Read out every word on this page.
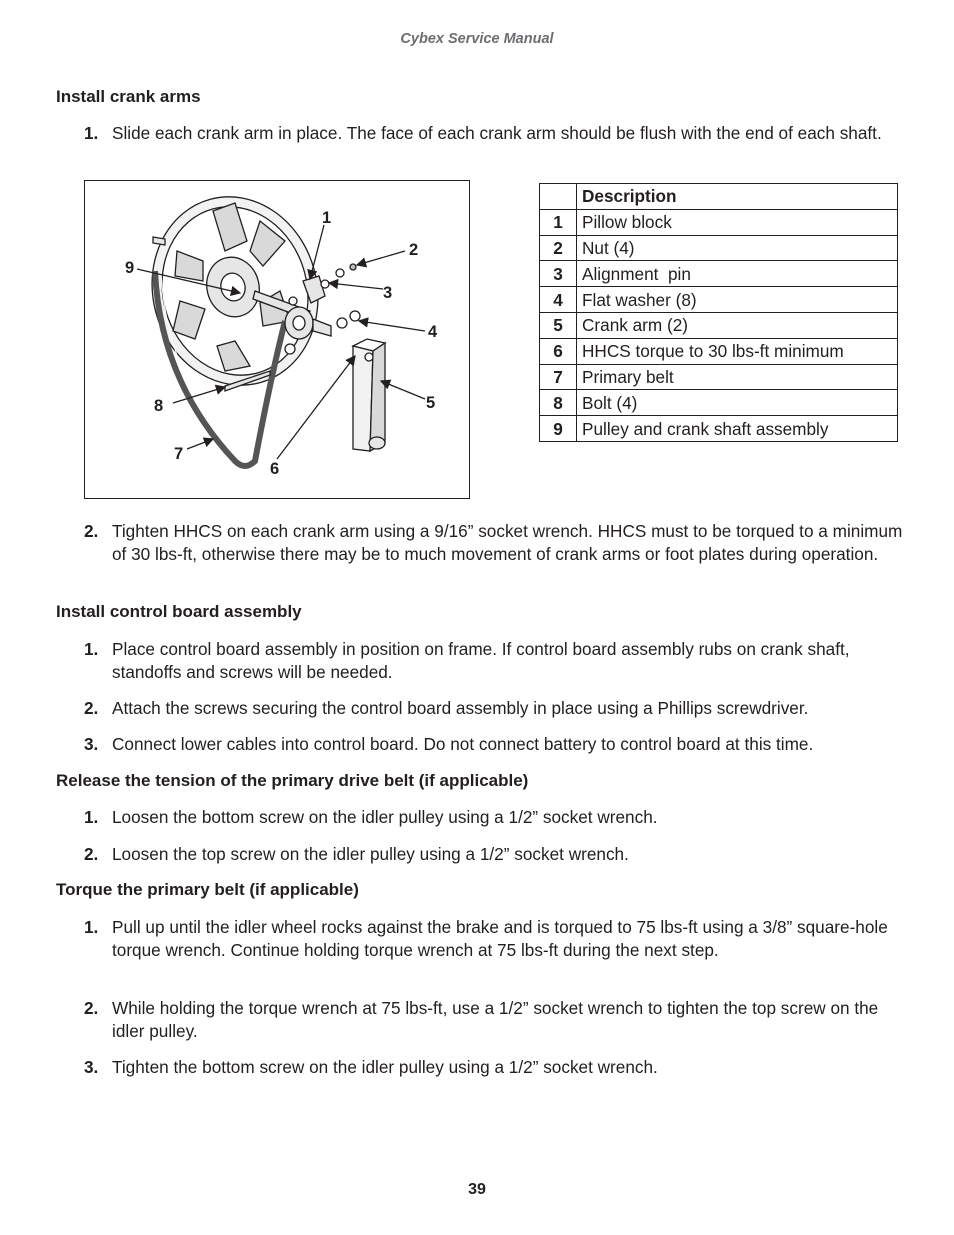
Cybex Service Manual
Install crank arms
1. Slide each crank arm in place. The face of each crank arm should be flush with the end of each shaft.
1
2
3
4
5
6
7
8
9
	Description
1	Pillow block
2	Nut (4)
3	Alignment  pin
4	Flat washer (8)
5	Crank arm (2)
6	HHCS torque to 30 lbs-ft minimum
7	Primary belt
8	Bolt (4)
9	Pulley and crank shaft assembly
2. Tighten HHCS on each crank arm using a 9/16” socket wrench. HHCS must to be torqued to a minimum of 30 lbs-ft, otherwise there may be to much movement of crank arms or foot plates during operation.
Install control board assembly
1. Place control board assembly in position on frame. If control board assembly rubs on crank shaft, standoffs and screws will be needed.
2. Attach the screws securing the control board assembly in place using a Phillips screwdriver.
3. Connect lower cables into control board. Do not connect battery to control board at this time.
Release the tension of the primary drive belt (if applicable)
1. Loosen the bottom screw on the idler pulley using a 1/2” socket wrench.
2. Loosen the top screw on the idler pulley using a 1/2” socket wrench.
Torque the primary belt (if applicable)
1. Pull up until the idler wheel rocks against the brake and is torqued to 75 lbs-ft using a 3/8” square-hole torque wrench. Continue holding torque wrench at 75 lbs-ft during the next step.
2. While holding the torque wrench at 75 lbs-ft, use a 1/2” socket wrench to tighten the top screw on the idler pulley.
3. Tighten the bottom screw on the idler pulley using a 1/2” socket wrench.
39
